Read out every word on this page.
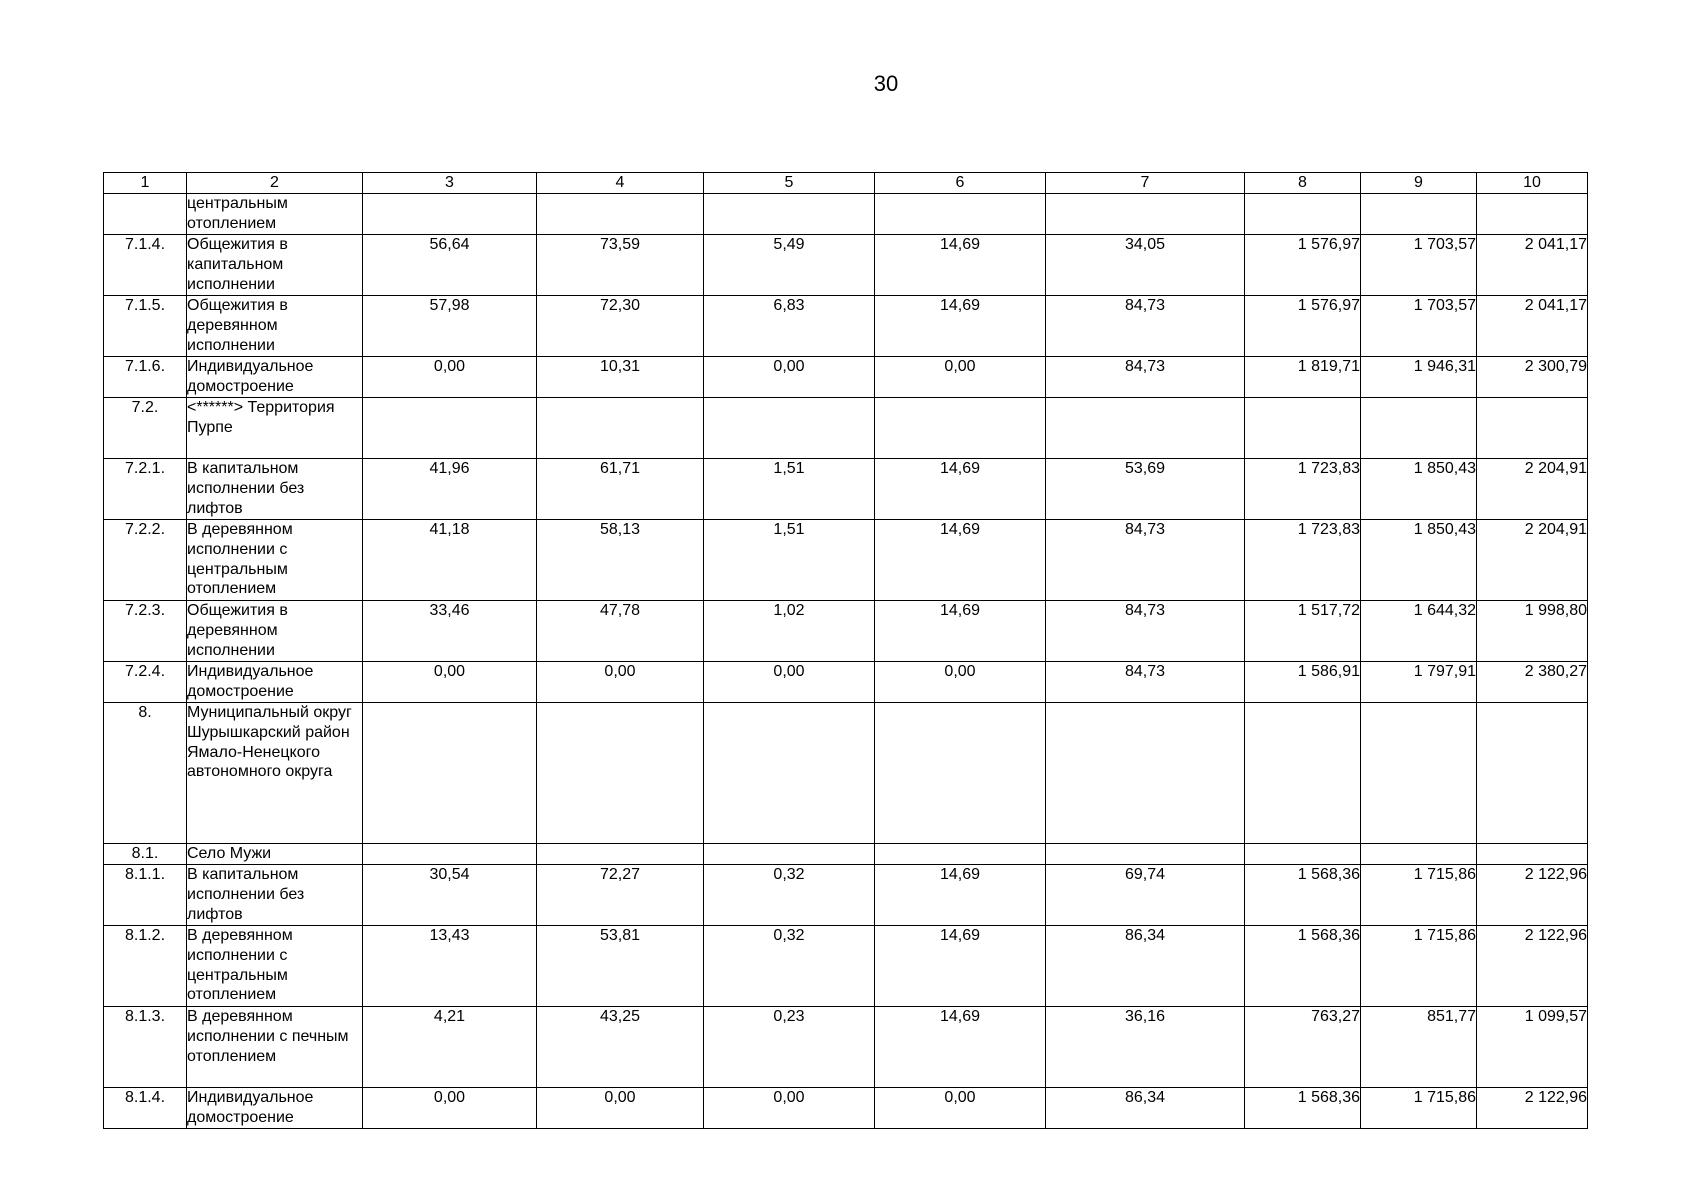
30
1	2	3	4	5	6	7	8	9	10
	центральным отоплением								
7.1.4.	Общежития в капитальном исполнении	56,64	73,59	5,49	14,69	34,05	1 576,97	1 703,57	2 041,17
7.1.5.	Общежития в деревянном исполнении	57,98	72,30	6,83	14,69	84,73	1 576,97	1 703,57	2 041,17
7.1.6.	Индивидуальное домостроение	0,00	10,31	0,00	0,00	84,73	1 819,71	1 946,31	2 300,79
7.2.	<******> Территория Пурпе								
7.2.1.	В капитальном исполнении без лифтов	41,96	61,71	1,51	14,69	53,69	1 723,83	1 850,43	2 204,91
7.2.2.	В деревянном исполнении с центральным отоплением	41,18	58,13	1,51	14,69	84,73	1 723,83	1 850,43	2 204,91
7.2.3.	Общежития в деревянном исполнении	33,46	47,78	1,02	14,69	84,73	1 517,72	1 644,32	1 998,80
7.2.4.	Индивидуальное домостроение	0,00	0,00	0,00	0,00	84,73	1 586,91	1 797,91	2 380,27
8.	Муниципальный округ Шурышкарский район Ямало-Ненецкого автономного округа								
8.1.	Село Мужи								
8.1.1.	В капитальном исполнении без лифтов	30,54	72,27	0,32	14,69	69,74	1 568,36	1 715,86	2 122,96
8.1.2.	В деревянном исполнении с центральным отоплением	13,43	53,81	0,32	14,69	86,34	1 568,36	1 715,86	2 122,96
8.1.3.	В деревянном исполнении с печным отоплением	4,21	43,25	0,23	14,69	36,16	763,27	851,77	1 099,57
8.1.4.	Индивидуальное домостроение	0,00	0,00	0,00	0,00	86,34	1 568,36	1 715,86	2 122,96
